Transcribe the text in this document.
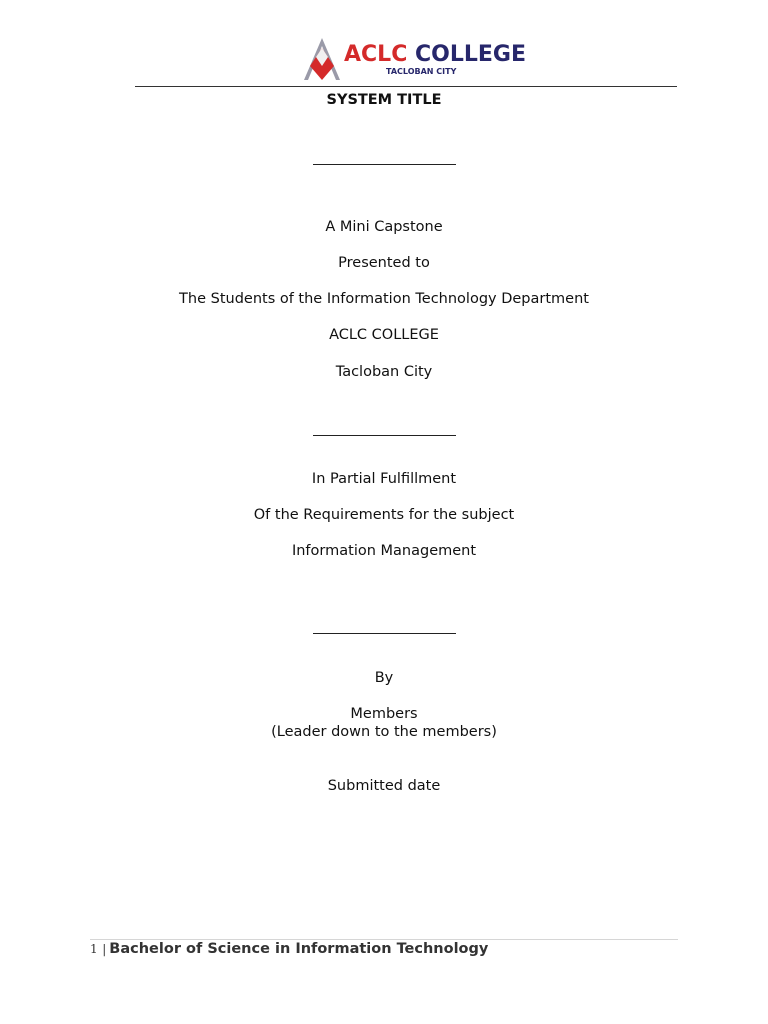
ACLC COLLEGE
TACLOBAN CITY
SYSTEM TITLE
A Mini Capstone
Presented to
The Students of the Information Technology Department
ACLC COLLEGE
Tacloban City
In Partial Fulfillment
Of the Requirements for the subject
Information Management
By
Members
(Leader down to the members)
Submitted date
1 | Bachelor of Science in Information Technology
